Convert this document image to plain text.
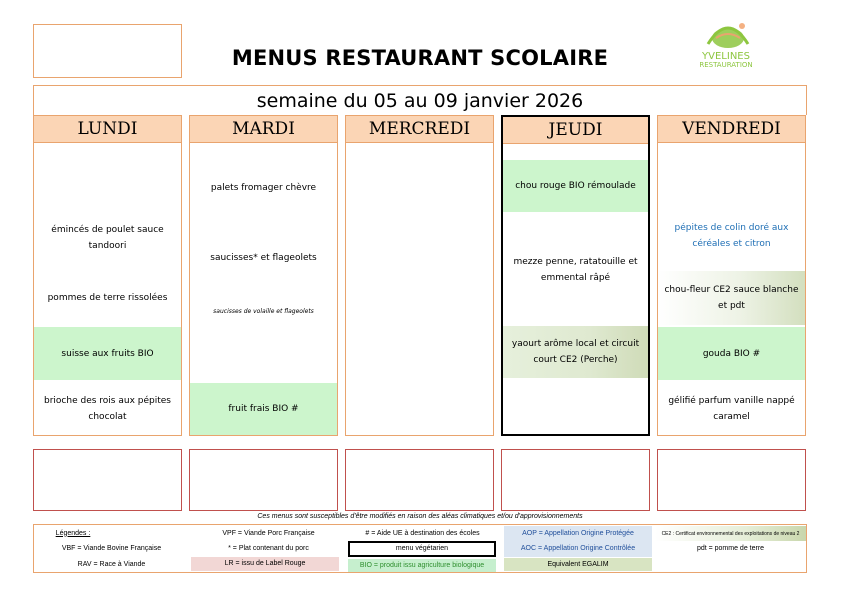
MENUS RESTAURANT SCOLAIRE	YVELINES
RESTAURATION
semaine du 05 au 09 janvier 2026
LUNDI
émincés de poulet sauce tandoori
pommes de terre rissolées
suisse aux fruits BIO
brioche des rois aux pépites chocolat
MARDI
palets fromager chèvre
saucisses* et flageolets
saucisses de volaille et flageolets
fruit frais BIO #
MERCREDI	JEUDI
chou rouge BIO rémoulade
mezze penne, ratatouille et emmental râpé
yaourt arôme local et circuit court CE2 (Perche)
VENDREDI
pépites de colin doré aux céréales et citron
chou-fleur CE2 sauce blanche et pdt
gouda BIO #
gélifié parfum vanille nappé caramel
Ces menus sont susceptibles d'être modifiés en raison des aléas climatiques et/ou d'approvisionnements
Légendes :
VBF = Viande Bovine Française
RAV = Race à Viande
VPF = Viande Porc Française
* = Plat contenant du porc
LR = issu de Label Rouge
# = Aide UE à destination des écoles
menu végétarien
BIO = produit issu agriculture biologique
AOP = Appellation Origine Protégée
AOC = Appellation Origine Contrôlée
Equivalent EGALIM
CE2 : Certificat environnemental des exploitations de niveau 2
pdt = pomme de terre
